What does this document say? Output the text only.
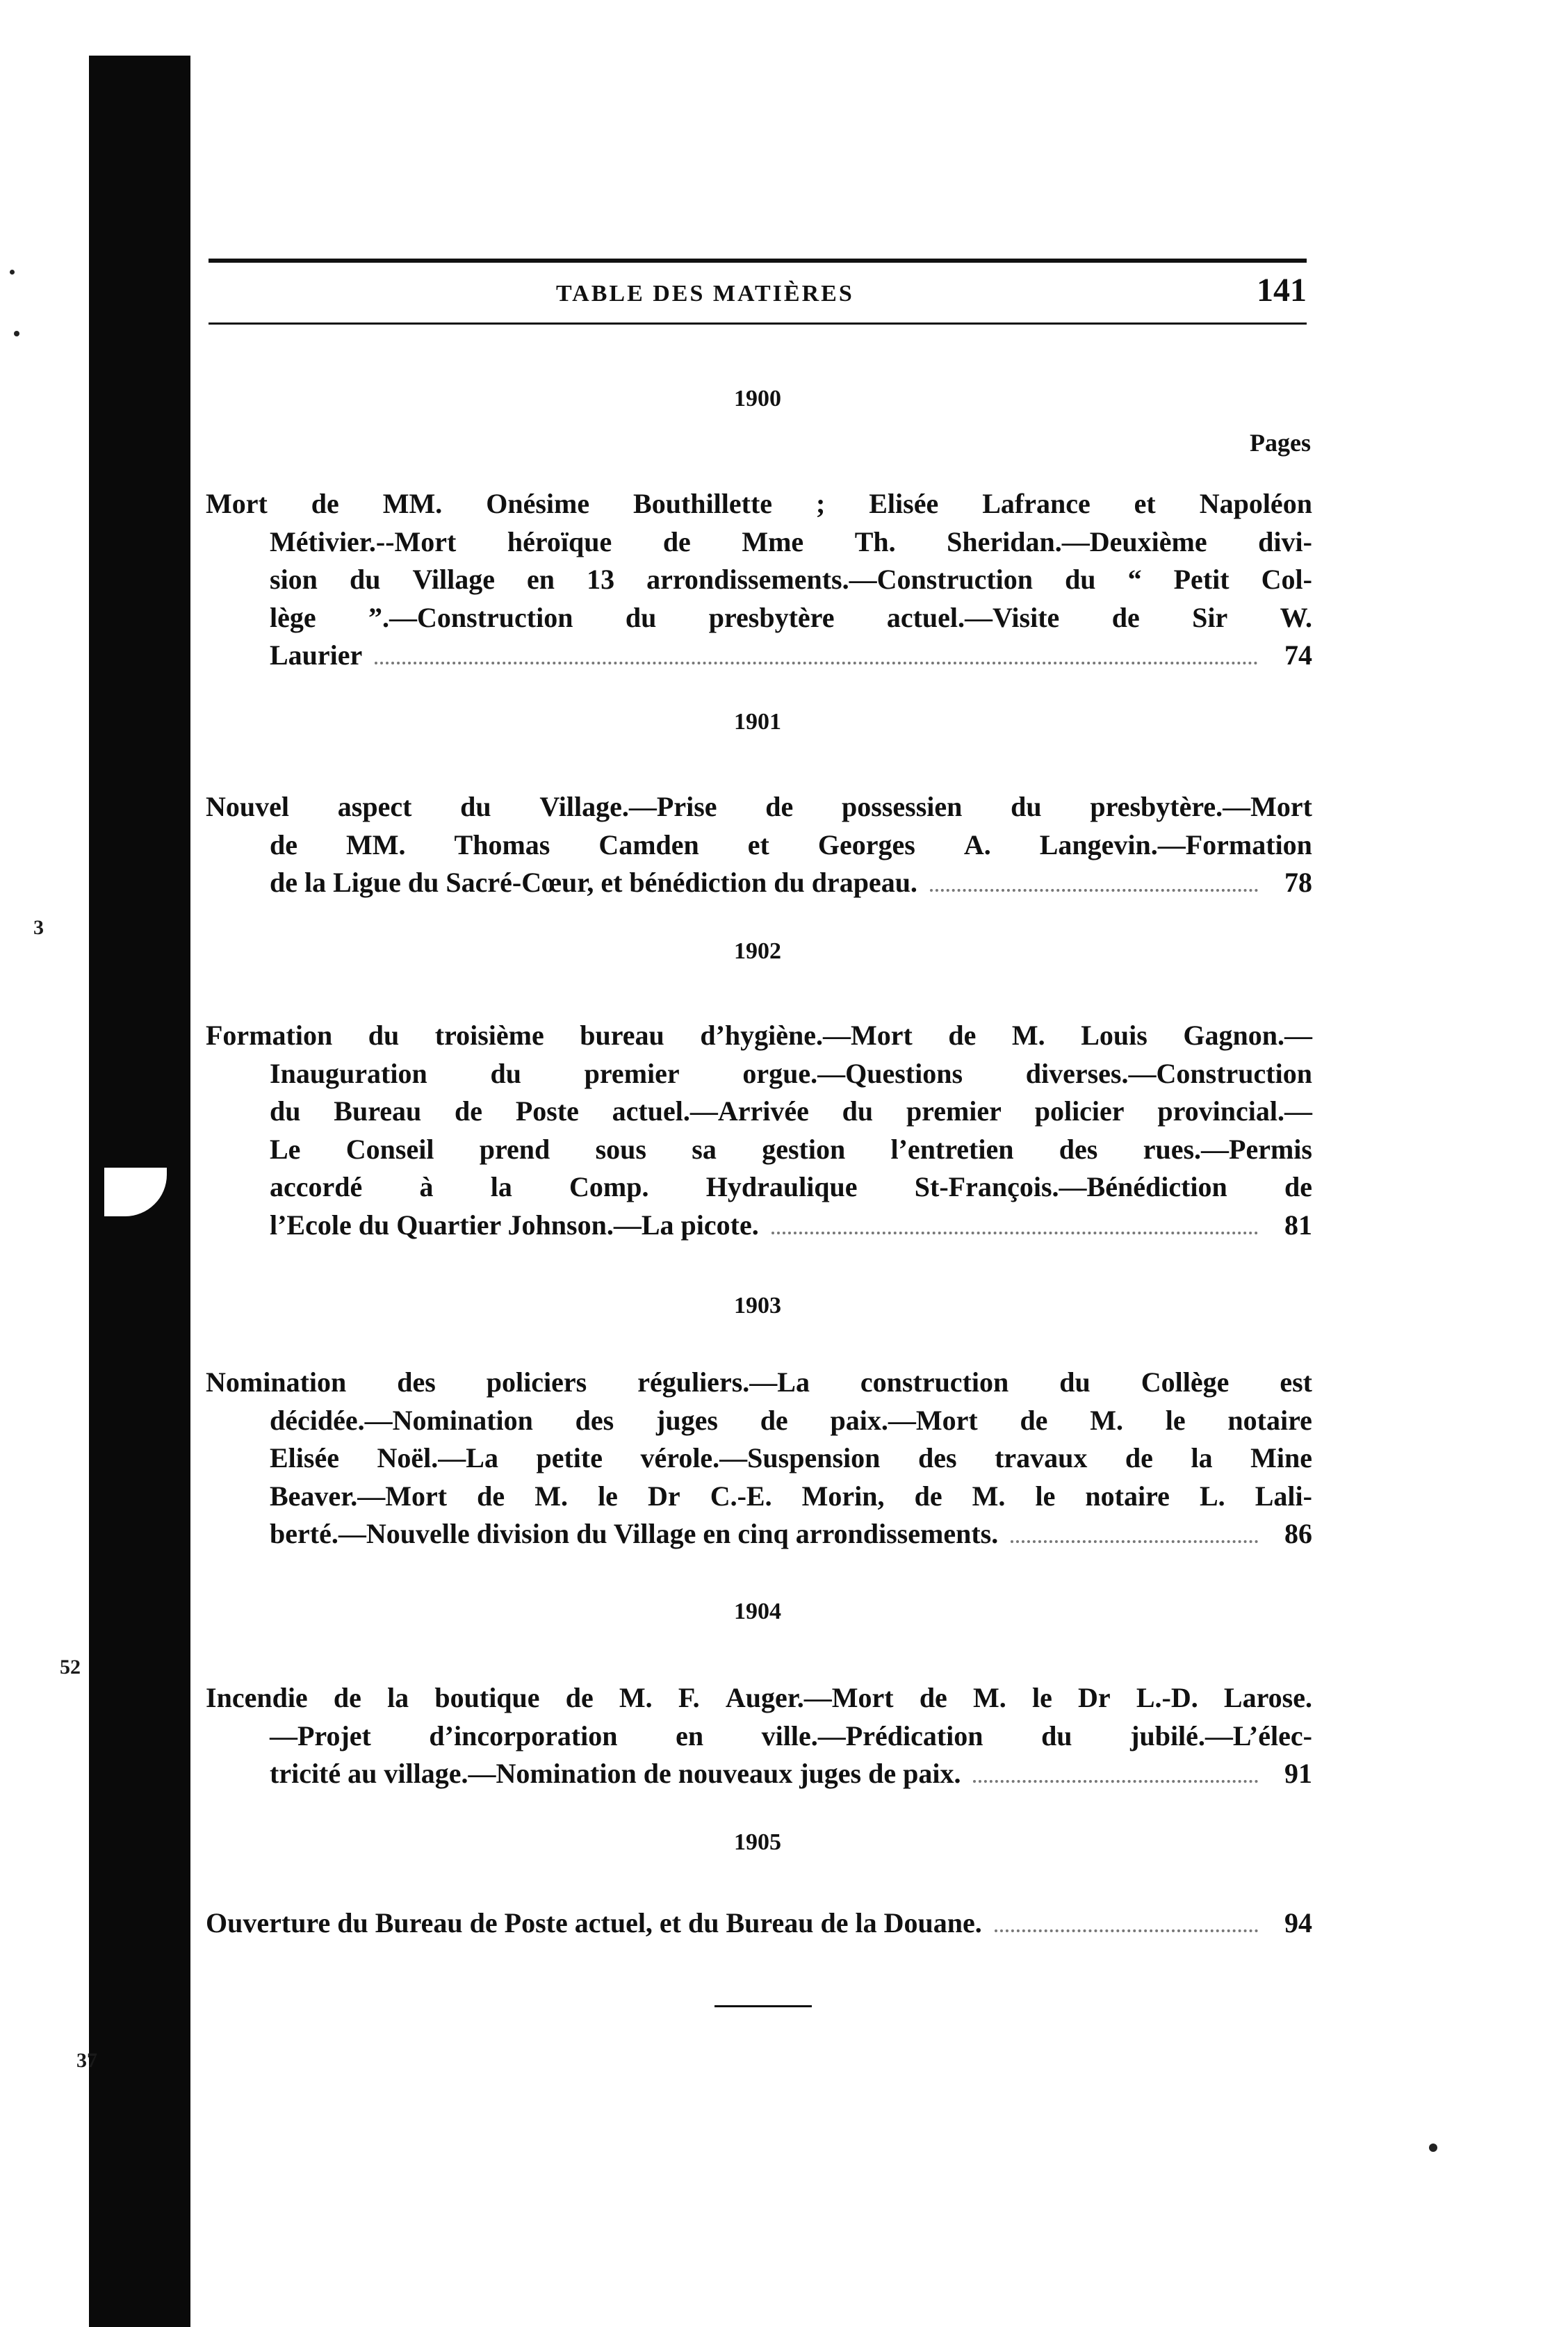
3
52
37
TABLE DES MATIÈRES	141
Pages
1900
Mort de MM. Onésime Bouthillette ; Elisée Lafrance et Napoléon
Métivier.--Mort héroïque de Mme Th. Sheridan.—Deuxième divi-
sion du Village en 13 arrondissements.—Construction du “ Petit Col-
lège ”.—Construction du presbytère actuel.—Visite de Sir W.
Laurier	74
1901
Nouvel aspect du Village.—Prise de possessien du presbytère.—Mort
de MM. Thomas Camden et Georges A. Langevin.—Formation
de la Ligue du Sacré-Cœur, et bénédiction du drapeau.	78
1902
Formation du troisième bureau d’hygiène.—Mort de M. Louis Gagnon.—
Inauguration du premier orgue.—Questions diverses.—Construction
du Bureau de Poste actuel.—Arrivée du premier policier provincial.—
Le Conseil prend sous sa gestion l’entretien des rues.—Permis
accordé à la Comp. Hydraulique St-François.—Bénédiction de
l’Ecole du Quartier Johnson.—La picote.	81
1903
Nomination des policiers réguliers.—La construction du Collège est
décidée.—Nomination des juges de paix.—Mort de M. le notaire
Elisée Noël.—La petite vérole.—Suspension des travaux de la Mine
Beaver.—Mort de M. le Dr C.-E. Morin, de M. le notaire L. Lali-
berté.—Nouvelle division du Village en cinq arrondissements.	86
1904
Incendie de la boutique de M. F. Auger.—Mort de M. le Dr L.-D. Larose.
—Projet d’incorporation en ville.—Prédication du jubilé.—L’élec-
tricité au village.—Nomination de nouveaux juges de paix.	91
1905
Ouverture du Bureau de Poste actuel, et du Bureau de la Douane.	94
